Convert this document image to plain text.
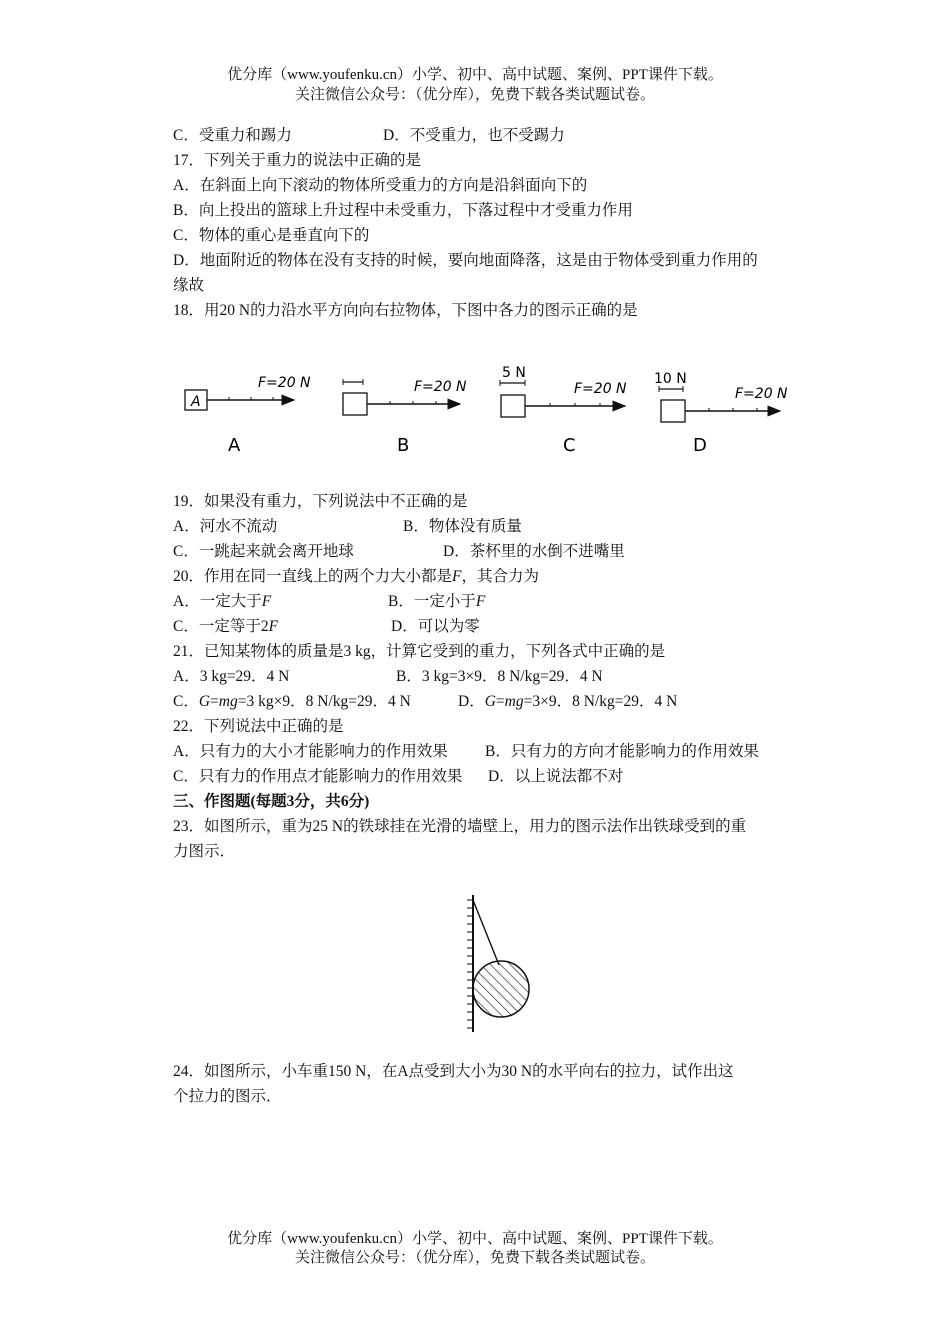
优分库（www.youfenku.cn）小学、初中、高中试题、案例、PPT课件下载。
关注微信公众号：（优分库），免费下载各类试题试卷。
C．受重力和踢力	D．不受重力，也不受踢力
17．下列关于重力的说法中正确的是
A．在斜面上向下滚动的物体所受重力的方向是沿斜面向下的
B．向上投出的篮球上升过程中未受重力，下落过程中才受重力作用
C．物体的重心是垂直向下的
D．地面附近的物体在没有支持的时候，要向地面降落，这是由于物体受到重力作用的
缘故
18．用20 N的力沿水平方向向右拉物体，下图中各力的图示正确的是
A
F=20 N
A
F=20 N
B
5 N
F=20 N
C
10 N
F=20 N
D
19．如果没有重力，下列说法中不正确的是
A．河水不流动	B．物体没有质量
C．一跳起来就会离开地球	D．茶杯里的水倒不进嘴里
20．作用在同一直线上的两个力大小都是F，其合力为
A．一定大于F	B．一定小于F
C．一定等于2F	D．可以为零
21．已知某物体的质量是3 kg，计算它受到的重力，下列各式中正确的是
A．3 kg=29．4 N	B．3 kg=3×9．8 N/kg=29．4 N
C．G=mg=3 kg×9．8 N/kg=29．4 N	D．G=mg=3×9．8 N/kg=29．4 N
22．下列说法中正确的是
A．只有力的大小才能影响力的作用效果 B．只有力的方向才能影响力的作用效果
C．只有力的作用点才能影响力的作用效果 D．以上说法都不对
三、作图题(每题3分，共6分)
23．如图所示，重为25 N的铁球挂在光滑的墙壁上，用力的图示法作出铁球受到的重
力图示．
24．如图所示，小车重150 N，在A点受到大小为30 N的水平向右的拉力，试作出这
个拉力的图示．
优分库（www.youfenku.cn）小学、初中、高中试题、案例、PPT课件下载。
关注微信公众号：（优分库），免费下载各类试题试卷。
